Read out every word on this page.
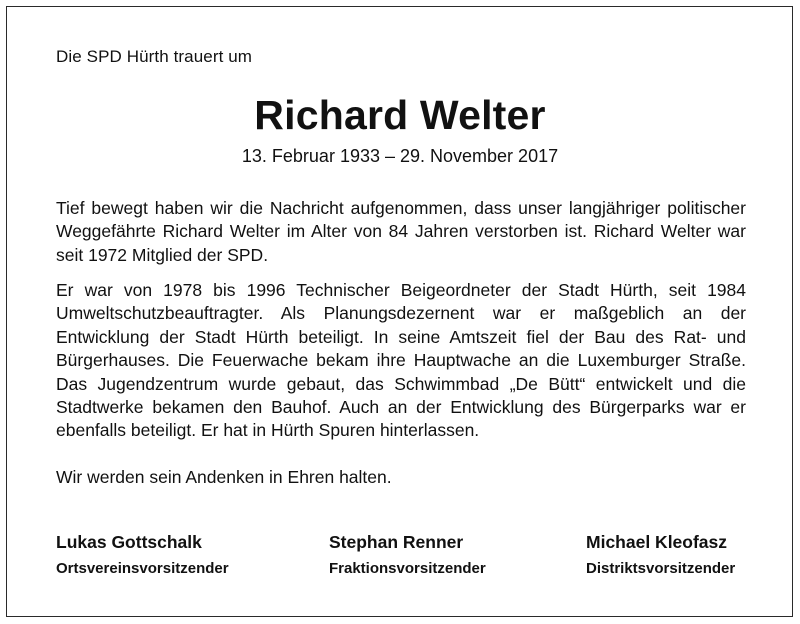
Die SPD Hürth trauert um
Richard Welter
13. Februar 1933 – 29. November 2017

Tief bewegt haben wir die Nachricht aufgenommen, dass unser langjähriger politischer Weggefährte Richard Welter im Alter von 84 Jahren verstorben ist. Richard Welter war seit 1972 Mitglied der SPD.

Er war von 1978 bis 1996 Technischer Beigeordneter der Stadt Hürth, seit 1984 Umweltschutzbeauftragter. Als Planungsdezernent war er maßgeblich an der Entwicklung der Stadt Hürth beteiligt. In seine Amtszeit fiel der Bau des Rat- und Bürgerhauses. Die Feuerwache bekam ihre Hauptwache an die Luxemburger Straße. Das Jugendzentrum wurde gebaut, das Schwimmbad „De Bütt“ entwickelt und die Stadtwerke bekamen den Bauhof. Auch an der Entwicklung des Bürgerparks war er ebenfalls beteiligt. Er hat in Hürth Spuren hinterlassen.

Wir werden sein Andenken in Ehren halten.

Lukas Gottschalk
Ortsvereinsvorsitzender
Stephan Renner
Fraktionsvorsitzender
Michael Kleofasz
Distriktsvorsitzender
